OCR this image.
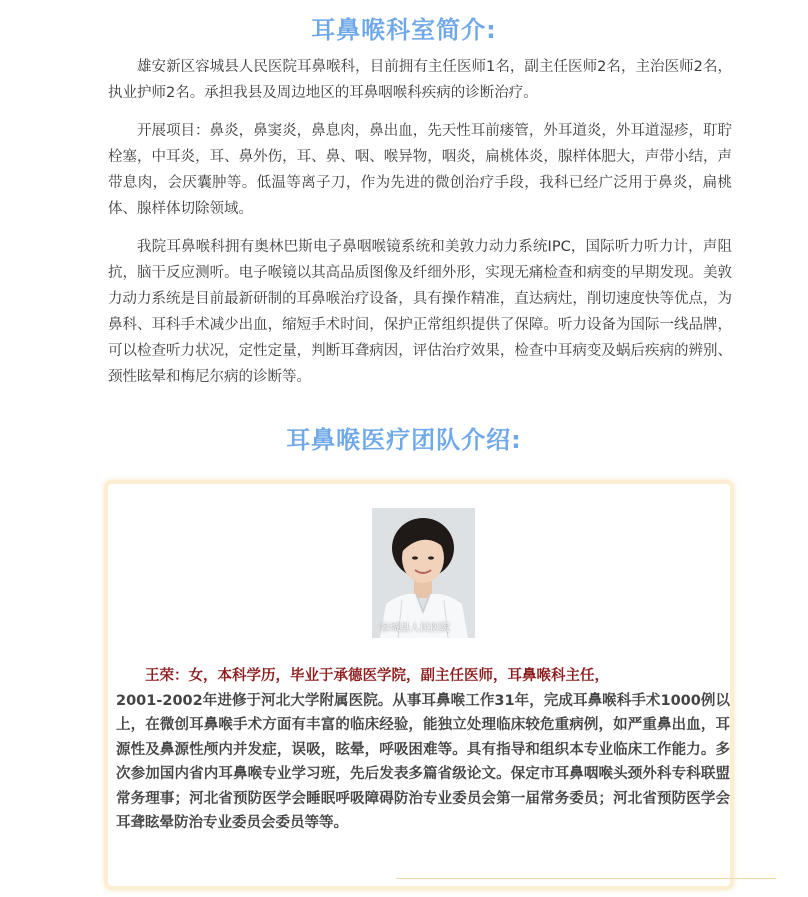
耳鼻喉科室简介:

雄安新区容城县人民医院耳鼻喉科，目前拥有主任医师1名，副主任医师2名，主治医师2名，执业护师2名。承担我县及周边地区的耳鼻咽喉科疾病的诊断治疗。

开展项目：鼻炎，鼻窦炎，鼻息肉，鼻出血，先天性耳前瘘管，外耳道炎，外耳道湿疹，耵聍栓塞，中耳炎，耳、鼻外伤，耳、鼻、咽、喉异物，咽炎，扁桃体炎，腺样体肥大，声带小结，声带息肉，会厌囊肿等。低温等离子刀，作为先进的微创治疗手段，我科已经广泛用于鼻炎，扁桃体、腺样体切除领域。

我院耳鼻喉科拥有奥林巴斯电子鼻咽喉镜系统和美敦力动力系统IPC，国际听力听力计，声阻抗，脑干反应测听。电子喉镜以其高品质图像及纤细外形，实现无痛检查和病变的早期发现。美敦力动力系统是目前最新研制的耳鼻喉治疗设备，具有操作精准，直达病灶，削切速度快等优点，为鼻科、耳科手术减少出血，缩短手术时间，保护正常组织提供了保障。听力设备为国际一线品牌，可以检查听力状况，定性定量，判断耳聋病因，评估治疗效果，检查中耳病变及蜗后疾病的辨别、颈性眩晕和梅尼尔病的诊断等。

耳鼻喉医疗团队介绍:
容城县人民医院
王荣：女，本科学历，毕业于承德医学院，副主任医师，耳鼻喉科主任，
2001-2002年进修于河北大学附属医院。从事耳鼻喉工作31年，完成耳鼻喉科手术1000例以上，在微创耳鼻喉手术方面有丰富的临床经验，能独立处理临床较危重病例，如严重鼻出血，耳源性及鼻源性颅内并发症，误吸，眩晕，呼吸困难等。具有指导和组织本专业临床工作能力。多次参加国内省内耳鼻喉专业学习班，先后发表多篇省级论文。保定市耳鼻咽喉头颈外科专科联盟常务理事；河北省预防医学会睡眠呼吸障碍防治专业委员会第一届常务委员；河北省预防医学会耳聋眩晕防治专业委员会委员等等。
